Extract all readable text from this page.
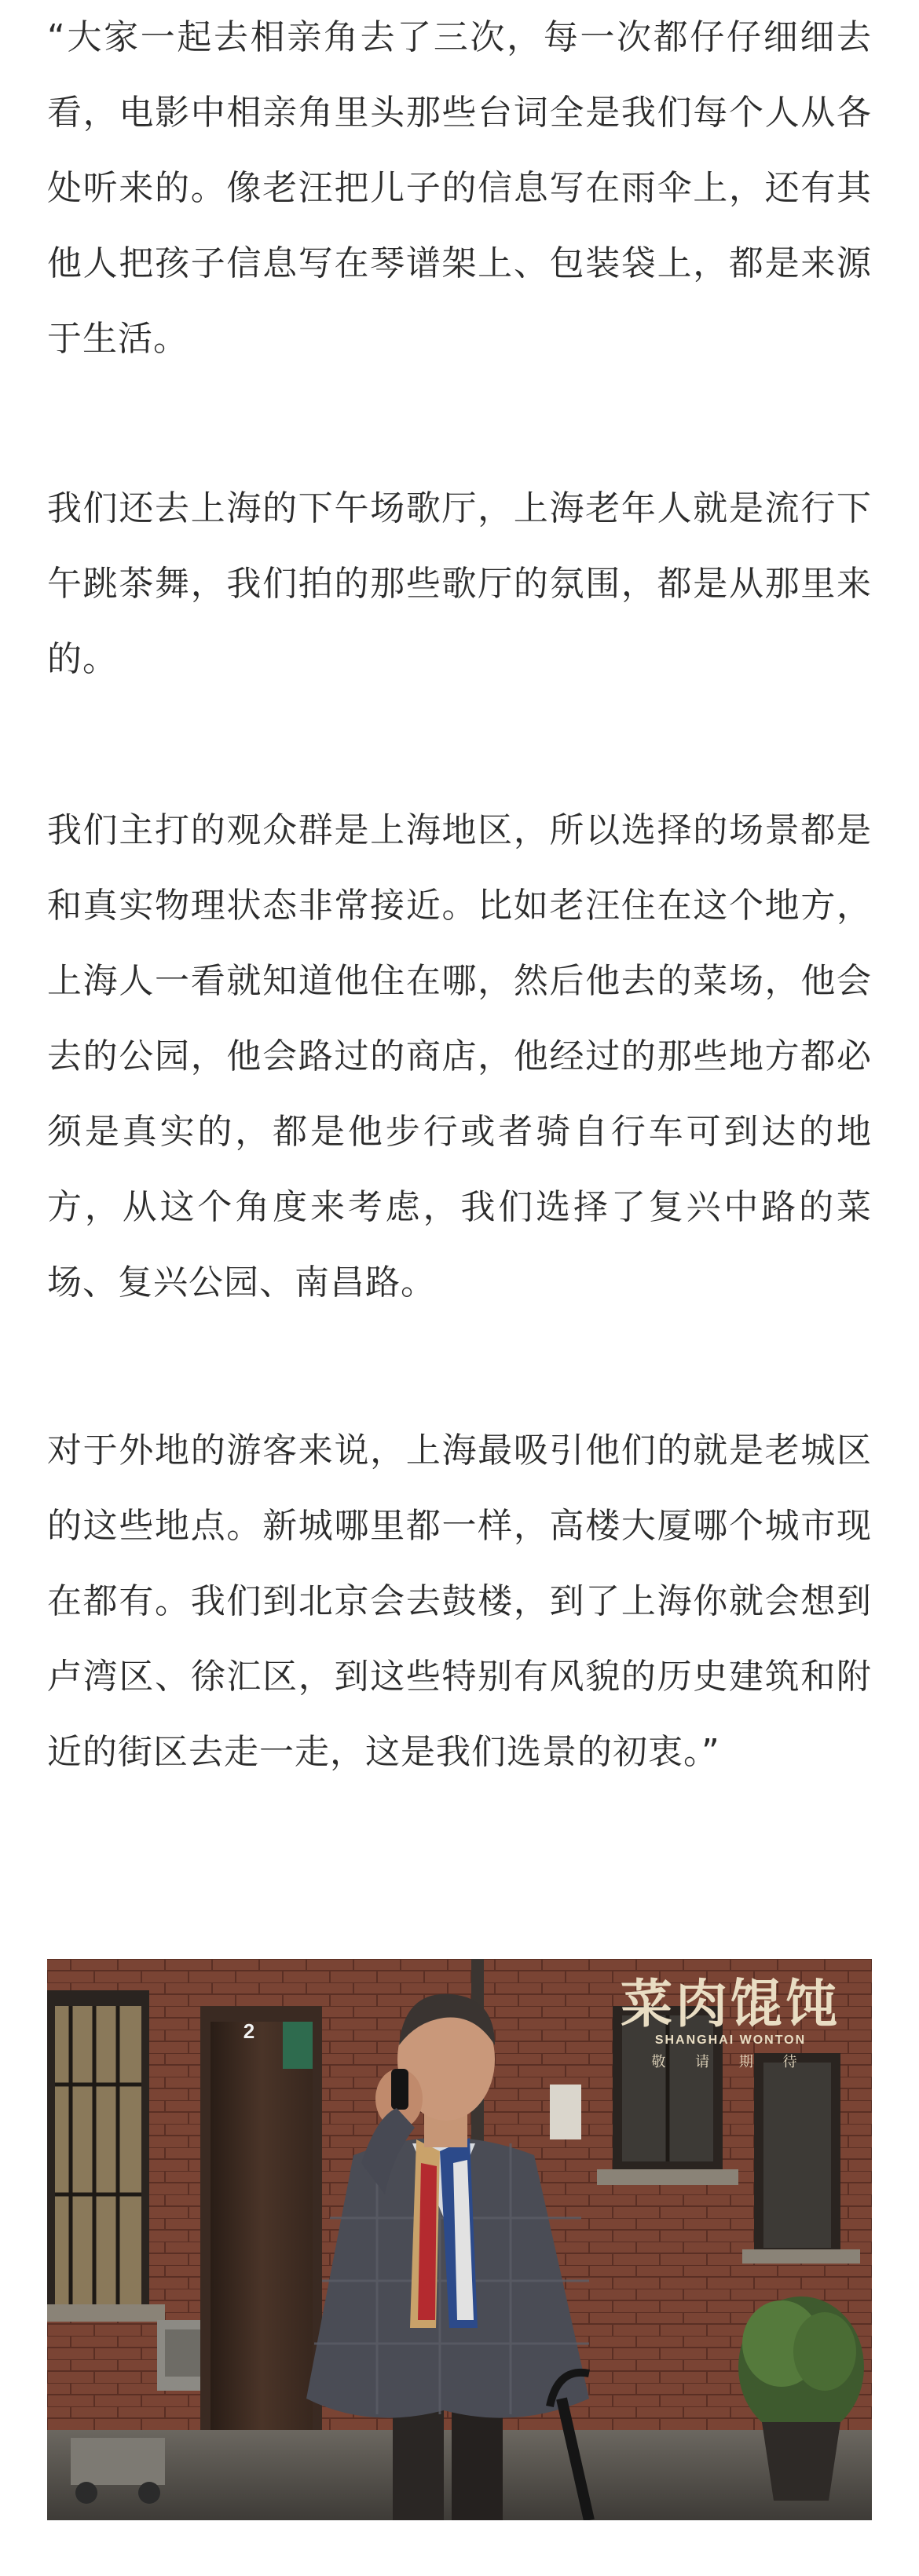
“大家一起去相亲角去了三次，每一次都仔仔细细去看，电影中相亲角里头那些台词全是我们每个人从各处听来的。像老汪把儿子的信息写在雨伞上，还有其他人把孩子信息写在琴谱架上、包装袋上，都是来源于生活。

我们还去上海的下午场歌厅，上海老年人就是流行下午跳茶舞，我们拍的那些歌厅的氛围，都是从那里来的。

我们主打的观众群是上海地区，所以选择的场景都是和真实物理状态非常接近。比如老汪住在这个地方，上海人一看就知道他住在哪，然后他去的菜场，他会去的公园，他会路过的商店，他经过的那些地方都必须是真实的，都是他步行或者骑自行车可到达的地方，从这个角度来考虑，我们选择了复兴中路的菜场、复兴公园、南昌路。

对于外地的游客来说，上海最吸引他们的就是老城区的这些地点。新城哪里都一样，高楼大厦哪个城市现在都有。我们到北京会去鼓楼，到了上海你就会想到卢湾区、徐汇区，到这些特别有风貌的历史建筑和附近的街区去走一走，这是我们选景的初衷。”

菜肉馄饨
SHANGHAI WONTON
敬 请 期 待
2
